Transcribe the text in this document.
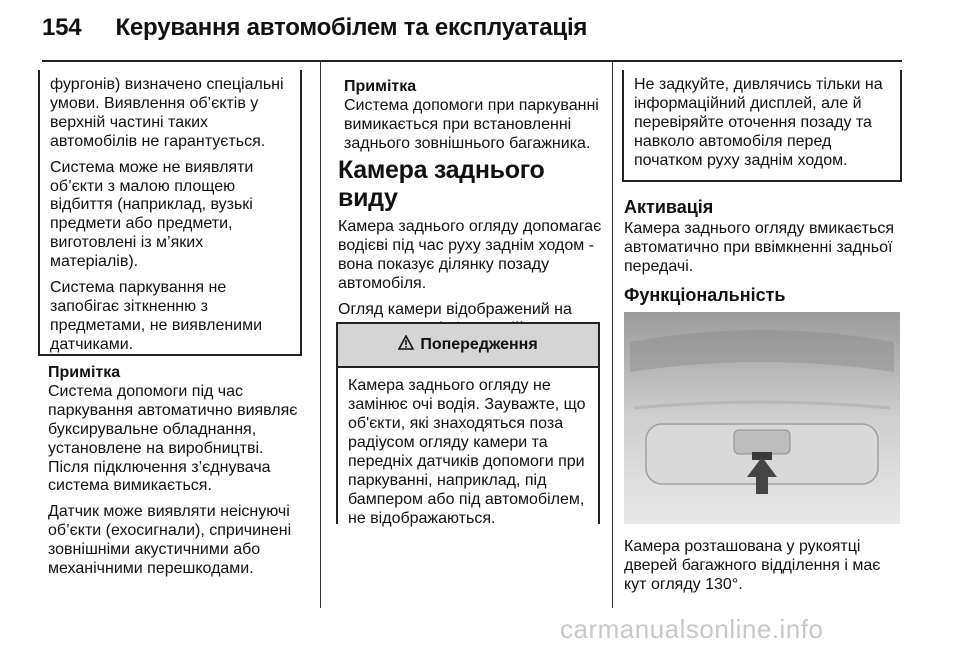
154 Керування автомобілем та експлуатація

фургонів) визначено спеціальні умови. Виявлення об’єктів у верхній частині таких автомобілів не гарантується.

Система може не виявляти об’єкти з малою площею відбиття (наприклад, вузькі предмети або предмети, виготовлені із м’яких матеріалів).

Система паркування не запобігає зіткненню з предметами, не виявленими датчиками.

Примітка

Система допомоги під час паркування автоматично виявляє буксирувальне обладнання, установлене на виробництві. Після підключення з’єднувача система вимикається.

Датчик може виявляти неіснуючі об’єкти (ехосигнали), спричинені зовнішніми акустичними або механічними перешкодами.

Примітка

Система допомоги при паркуванні вимикається при встановленні заднього зовнішнього багажника.

Камера заднього виду

Камера заднього огляду допомагає водієві під час руху заднім ходом - вона показує ділянку позаду автомобіля.

Огляд камери відображений на

Попередження
Камера заднього огляду не замінює очі водія. Зауважте, що об'єкти, які знаходяться поза радіусом огляду камери та передніх датчиків допомоги при паркуванні, наприклад, під бампером або під автомобілем, не відображаються.

Не задкуйте, дивлячись тільки на інформаційний дисплей, але й перевіряйте оточення позаду та навколо автомобіля перед початком руху заднім ходом.

Активація

Камера заднього огляду вмикається автоматично при ввімкненні задньої передачі.

Функціональність

Камера розташована у рукоятці дверей багажного відділення і має кут огляду 130°.

carmanualsonline.info
